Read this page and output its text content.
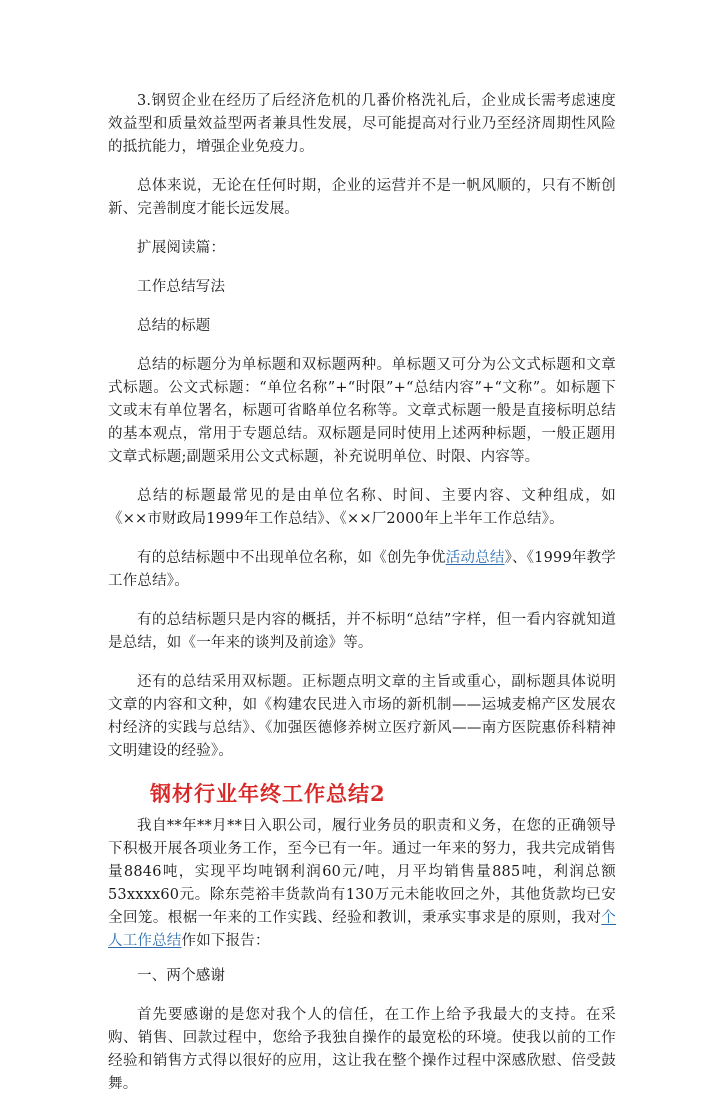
3.钢贸企业在经历了后经济危机的几番价格洗礼后，企业成长需考虑速度效益型和质量效益型两者兼具性发展，尽可能提高对行业乃至经济周期性风险的抵抗能力，增强企业免疫力。

总体来说，无论在任何时期，企业的运营并不是一帆风顺的，只有不断创新、完善制度才能长远发展。

扩展阅读篇：

工作总结写法

总结的标题

总结的标题分为单标题和双标题两种。单标题又可分为公文式标题和文章式标题。公文式标题：“单位名称”+“时限”+“总结内容”+“文称”。如标题下文或末有单位署名，标题可省略单位名称等。文章式标题一般是直接标明总结的基本观点，常用于专题总结。双标题是同时使用上述两种标题，一般正题用文章式标题;副题采用公文式标题，补充说明单位、时限、内容等。

总结的标题最常见的是由单位名称、时间、主要内容、文种组成，如《××市财政局1999年工作总结》、《××厂2000年上半年工作总结》。

有的总结标题中不出现单位名称，如《创先争优活动总结》、《1999年教学工作总结》。

有的总结标题只是内容的概括，并不标明“总结”字样，但一看内容就知道是总结，如《一年来的谈判及前途》等。

还有的总结采用双标题。正标题点明文章的主旨或重心，副标题具体说明文章的内容和文种，如《构建农民进入市场的新机制——运城麦棉产区发展农村经济的实践与总结》、《加强医德修养树立医疗新风——南方医院惠侨科精神文明建设的经验》。

钢材行业年终工作总结2

我自**年**月**日入职公司，履行业务员的职责和义务，在您的正确领导下积极开展各项业务工作，至今已有一年。通过一年来的努力，我共完成销售量8846吨，实现平均吨钢利润60元/吨，月平均销售量885吨，利润总额53xxxx60元。除东莞裕丰货款尚有130万元未能收回之外，其他货款均已安全回笼。根椐一年来的工作实践、经验和教训，秉承实事求是的原则，我对个人工作总结作如下报告：

一、两个感谢

首先要感谢的是您对我个人的信任，在工作上给予我最大的支持。在采购、销售、回款过程中，您给予我独自操作的最宽松的环境。使我以前的工作经验和销售方式得以很好的应用，这让我在整个操作过程中深感欣慰、倍受鼓舞。
